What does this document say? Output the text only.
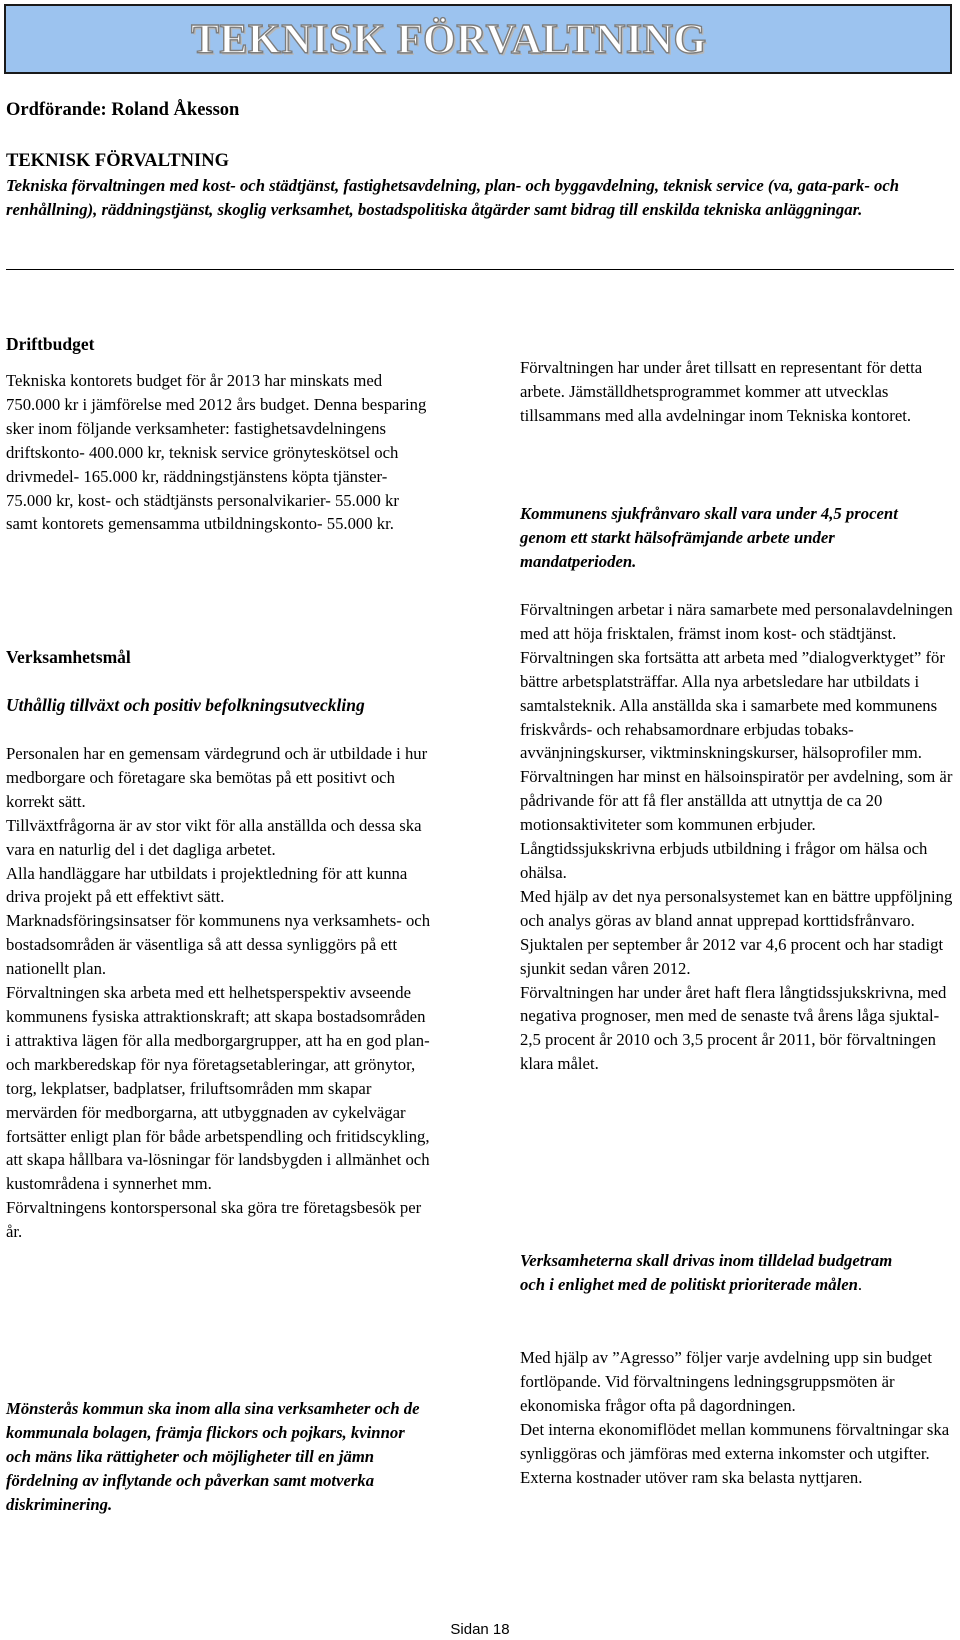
TEKNISK FÖRVALTNING
Ordförande: Roland Åkesson
TEKNISK FÖRVALTNING
Tekniska förvaltningen med kost- och städtjänst, fastighetsavdelning, plan- och byggavdelning, teknisk service (va, gata-park- och renhållning), räddningstjänst, skoglig verksamhet, bostadspolitiska åtgärder samt bidrag till enskilda tekniska anläggningar.
Driftbudget
Tekniska kontorets budget för år 2013 har minskats med 750.000 kr i jämförelse med 2012 års budget. Denna besparing sker inom följande verksamheter: fastighetsavdelningens driftskonto- 400.000 kr, teknisk service grönyteskötsel och drivmedel- 165.000 kr, räddningstjänstens köpta tjänster- 75.000 kr, kost- och städtjänsts personalvikarier- 55.000 kr samt kontorets gemensamma utbildningskonto- 55.000 kr.
Verksamhetsmål
Uthållig tillväxt och positiv befolkningsutveckling

Personalen har en gemensam värdegrund och är utbildade i hur medborgare och företagare ska bemötas på ett positivt och korrekt sätt.

Tillväxtfrågorna är av stor vikt för alla anställda och dessa ska vara en naturlig del i det dagliga arbetet.

Alla handläggare har utbildats i projektledning för att kunna driva projekt på ett effektivt sätt.

Marknadsföringsinsatser för kommunens nya verksamhets- och bostadsområden är väsentliga så att dessa synliggörs på ett nationellt plan.

Förvaltningen ska arbeta med ett helhetsperspektiv avseende kommunens fysiska attraktionskraft; att skapa bostadsområden i attraktiva lägen för alla medborgargrupper, att ha en god plan- och markberedskap för nya företagsetableringar, att grönytor, torg, lekplatser, badplatser, friluftsområden mm skapar mervärden för medborgarna, att utbyggnaden av cykelvägar fortsätter enligt plan för både arbetspendling och fritidscykling, att skapa hållbara va-lösningar för landsbygden i allmänhet och kustområdena i synnerhet mm.

Förvaltningens kontorspersonal ska göra tre företagsbesök per år.

Mönsterås kommun ska inom alla sina verksamheter och de kommunala bolagen, främja flickors och pojkars, kvinnor och mäns lika rättigheter och möjligheter till en jämn fördelning av inflytande och påverkan samt motverka diskriminering.
Förvaltningen har under året tillsatt en representant för detta arbete. Jämställdhetsprogrammet kommer att utvecklas tillsammans med alla avdelningar inom Tekniska kontoret.
Kommunens sjukfrånvaro skall vara under 4,5 procent genom ett starkt hälsofrämjande arbete under mandatperioden.

Förvaltningen arbetar i nära samarbete med personalavdelningen med att höja frisktalen, främst inom kost- och städtjänst. Förvaltningen ska fortsätta att arbeta med ”dialogverktyget” för bättre arbetsplatsträffar. Alla nya arbetsledare har utbildats i samtalsteknik. Alla anställda ska i samarbete med kommunens friskvårds- och rehabsamordnare erbjudas tobaks-avvänjningskurser, viktminskningskurser, hälsoprofiler mm. Förvaltningen har minst en hälsoinspiratör per avdelning, som är pådrivande för att få fler anställda att utnyttja de ca 20 motionsaktiviteter som kommunen erbjuder.

Långtidssjukskrivna erbjuds utbildning i frågor om hälsa och ohälsa.

Med hjälp av det nya personalsystemet kan en bättre uppföljning och analys göras av bland annat upprepad korttidsfrånvaro.

Sjuktalen per september år 2012 var 4,6 procent och har stadigt sjunkit sedan våren 2012.

Förvaltningen har under året haft flera långtidssjukskrivna, med negativa prognoser, men med de senaste två årens låga sjuktal- 2,5 procent år 2010 och 3,5 procent år 2011, bör förvaltningen klara målet.

Verksamheterna skall drivas inom tilldelad budgetram och i enlighet med de politiskt prioriterade målen.

Med hjälp av ”Agresso” följer varje avdelning upp sin budget fortlöpande. Vid förvaltningens ledningsgruppsmöten är ekonomiska frågor ofta på dagordningen.

Det interna ekonomiflödet mellan kommunens förvaltningar ska synliggöras och jämföras med externa inkomster och utgifter. Externa kostnader utöver ram ska belasta nyttjaren.

Sidan 18
